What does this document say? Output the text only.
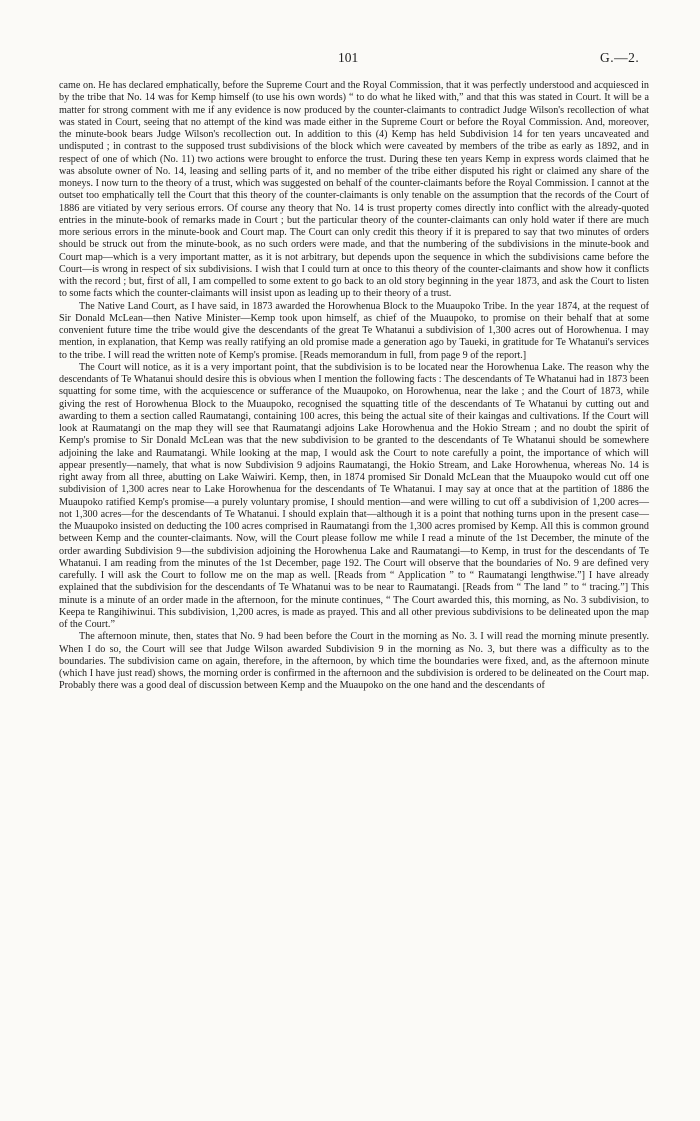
101	G.—2.

came on. He has declared emphatically, before the Supreme Court and the Royal Commission, that it was perfectly understood and acquiesced in by the tribe that No. 14 was for Kemp himself (to use his own words) “ to do what he liked with,” and that this was stated in Court. It will be a matter for strong comment with me if any evidence is now produced by the counter-claimants to contradict Judge Wilson's recollection of what was stated in Court, seeing that no attempt of the kind was made either in the Supreme Court or before the Royal Commission. And, moreover, the minute-book bears Judge Wilson's recollection out. In addition to this (4) Kemp has held Subdivision 14 for ten years uncaveated and undisputed ; in contrast to the supposed trust subdivisions of the block which were caveated by members of the tribe as early as 1892, and in respect of one of which (No. 11) two actions were brought to enforce the trust. During these ten years Kemp in express words claimed that he was absolute owner of No. 14, leasing and selling parts of it, and no member of the tribe either disputed his right or claimed any share of the moneys. I now turn to the theory of a trust, which was suggested on behalf of the counter-claimants before the Royal Commission. I cannot at the outset too emphatically tell the Court that this theory of the counter-claimants is only tenable on the assumption that the records of the Court of 1886 are vitiated by very serious errors. Of course any theory that No. 14 is trust property comes directly into conflict with the already-quoted entries in the minute-book of remarks made in Court ; but the particular theory of the counter-claimants can only hold water if there are much more serious errors in the minute-book and Court map. The Court can only credit this theory if it is prepared to say that two minutes of orders should be struck out from the minute-book, as no such orders were made, and that the numbering of the subdivisions in the minute-book and Court map—which is a very important matter, as it is not arbitrary, but depends upon the sequence in which the subdivisions came before the Court—is wrong in respect of six subdivisions. I wish that I could turn at once to this theory of the counter-claimants and show how it conflicts with the record ; but, first of all, I am compelled to some extent to go back to an old story beginning in the year 1873, and ask the Court to listen to some facts which the counter-claimants will insist upon as leading up to their theory of a trust.

The Native Land Court, as I have said, in 1873 awarded the Horowhenua Block to the Muaupoko Tribe. In the year 1874, at the request of Sir Donald McLean—then Native Minister—Kemp took upon himself, as chief of the Muaupoko, to promise on their behalf that at some convenient future time the tribe would give the descendants of the great Te Whatanui a subdivision of 1,300 acres out of Horowhenua. I may mention, in explanation, that Kemp was really ratifying an old promise made a generation ago by Taueki, in gratitude for Te Whatanui's services to the tribe. I will read the written note of Kemp's promise. [Reads memorandum in full, from page 9 of the report.]

The Court will notice, as it is a very important point, that the subdivision is to be located near the Horowhenua Lake. The reason why the descendants of Te Whatanui should desire this is obvious when I mention the following facts : The descendants of Te Whatanui had in 1873 been squatting for some time, with the acquiescence or sufferance of the Muaupoko, on Horowhenua, near the lake ; and the Court of 1873, while giving the rest of Horowhenua Block to the Muaupoko, recognised the squatting title of the descendants of Te Whatanui by cutting out and awarding to them a section called Raumatangi, containing 100 acres, this being the actual site of their kaingas and cultivations. If the Court will look at Raumatangi on the map they will see that Raumatangi adjoins Lake Horowhenua and the Hokio Stream ; and no doubt the spirit of Kemp's promise to Sir Donald McLean was that the new subdivision to be granted to the descendants of Te Whatanui should be somewhere adjoining the lake and Raumatangi. While looking at the map, I would ask the Court to note carefully a point, the importance of which will appear presently—namely, that what is now Subdivision 9 adjoins Raumatangi, the Hokio Stream, and Lake Horowhenua, whereas No. 14 is right away from all three, abutting on Lake Waiwiri. Kemp, then, in 1874 promised Sir Donald McLean that the Muaupoko would cut off one subdivision of 1,300 acres near to Lake Horowhenua for the descendants of Te Whatanui. I may say at once that at the partition of 1886 the Muaupoko ratified Kemp's promise—a purely voluntary promise, I should mention—and were willing to cut off a subdivision of 1,200 acres—not 1,300 acres—for the descendants of Te Whatanui. I should explain that—although it is a point that nothing turns upon in the present case—the Muaupoko insisted on deducting the 100 acres comprised in Raumatangi from the 1,300 acres promised by Kemp. All this is common ground between Kemp and the counter-claimants. Now, will the Court please follow me while I read a minute of the 1st December, the minute of the order awarding Subdivision 9—the subdivision adjoining the Horowhenua Lake and Raumatangi—to Kemp, in trust for the descendants of Te Whatanui. I am reading from the minutes of the 1st December, page 192. The Court will observe that the boundaries of No. 9 are defined very carefully. I will ask the Court to follow me on the map as well. [Reads from “ Application ” to “ Raumatangi lengthwise.”] I have already explained that the subdivision for the descendants of Te Whatanui was to be near to Raumatangi. [Reads from “ The land ” to “ tracing.”] This minute is a minute of an order made in the afternoon, for the minute continues, “ The Court awarded this, this morning, as No. 3 subdivision, to Keepa te Rangihiwinui. This subdivision, 1,200 acres, is made as prayed. This and all other previous subdivisions to be delineated upon the map of the Court.”

The afternoon minute, then, states that No. 9 had been before the Court in the morning as No. 3. I will read the morning minute presently. When I do so, the Court will see that Judge Wilson awarded Subdivision 9 in the morning as No. 3, but there was a difficulty as to the boundaries. The subdivision came on again, therefore, in the afternoon, by which time the boundaries were fixed, and, as the afternoon minute (which I have just read) shows, the morning order is confirmed in the afternoon and the subdivision is ordered to be delineated on the Court map. Probably there was a good deal of discussion between Kemp and the Muaupoko on the one hand and the descendants of
